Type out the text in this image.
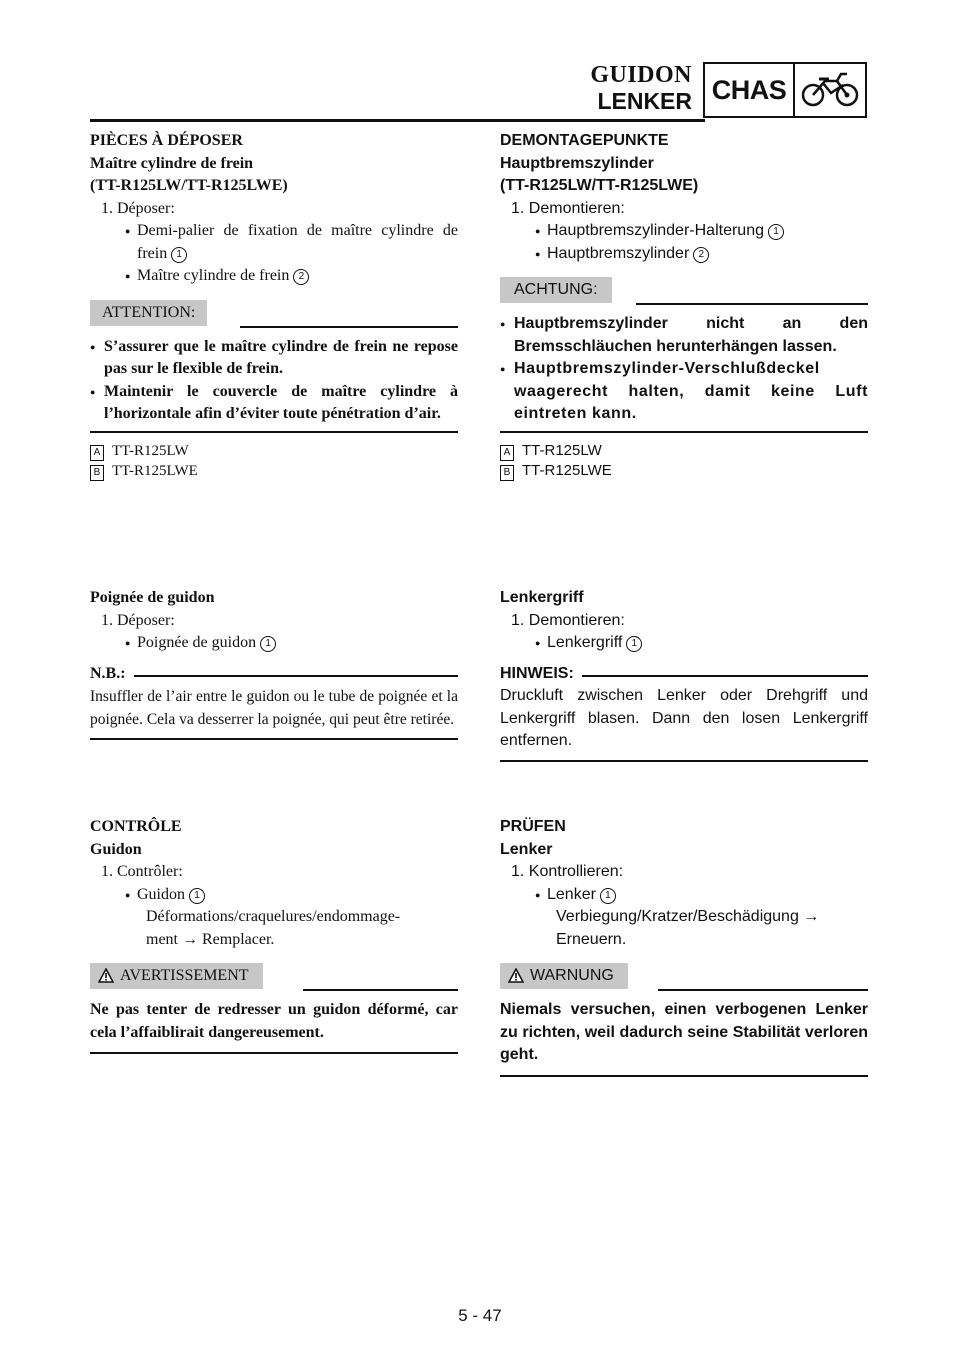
GUIDON
LENKER CHAS

PIÈCES À DÉPOSER

Maître cylindre de frein

(TT-R125LW/TT-R125LWE)

1. Déposer:

● Demi-palier de fixation de maître cylindre de frein 1

● Maître cylindre de frein 2

ATTENTION:

● S’assurer que le maître cylindre de frein ne repose pas sur le flexible de frein.

● Maintenir le couvercle de maître cylindre à l’horizontale afin d’éviter toute pénétration d’air.

A TT-R125LW

B TT-R125LWE

Poignée de guidon

1. Déposer:

● Poignée de guidon 1

N.B.:

Insuffler de l’air entre le guidon ou le tube de poignée et la poignée. Cela va desserrer la poignée, qui peut être retirée.

CONTRÔLE

Guidon

1. Contrôler:

● Guidon 1

Déformations/craquelures/endommage-

ment → Remplacer.

AVERTISSEMENT

Ne pas tenter de redresser un guidon déformé, car cela l’affaiblirait dangereusement.

DEMONTAGEPUNKTE

Hauptbremszylinder

(TT-R125LW/TT-R125LWE)

1. Demontieren:

● Hauptbremszylinder-Halterung 1

● Hauptbremszylinder 2

ACHTUNG:

● Hauptbremszylinder nicht an den Bremsschläuchen herunterhängen lassen.

● Hauptbremszylinder-Verschlußdeckel waagerecht halten, damit keine Luft eintreten kann.

A TT-R125LW

B TT-R125LWE

Lenkergriff

1. Demontieren:

● Lenkergriff 1

HINWEIS:

Druckluft zwischen Lenker oder Drehgriff und Lenkergriff blasen. Dann den losen Lenkergriff entfernen.

PRÜFEN

Lenker

1. Kontrollieren:

● Lenker 1

Verbiegung/Kratzer/Beschädigung →

Erneuern.

WARNUNG

Niemals versuchen, einen verbogenen Lenker zu richten, weil dadurch seine Stabilität verloren geht.

5 - 47
